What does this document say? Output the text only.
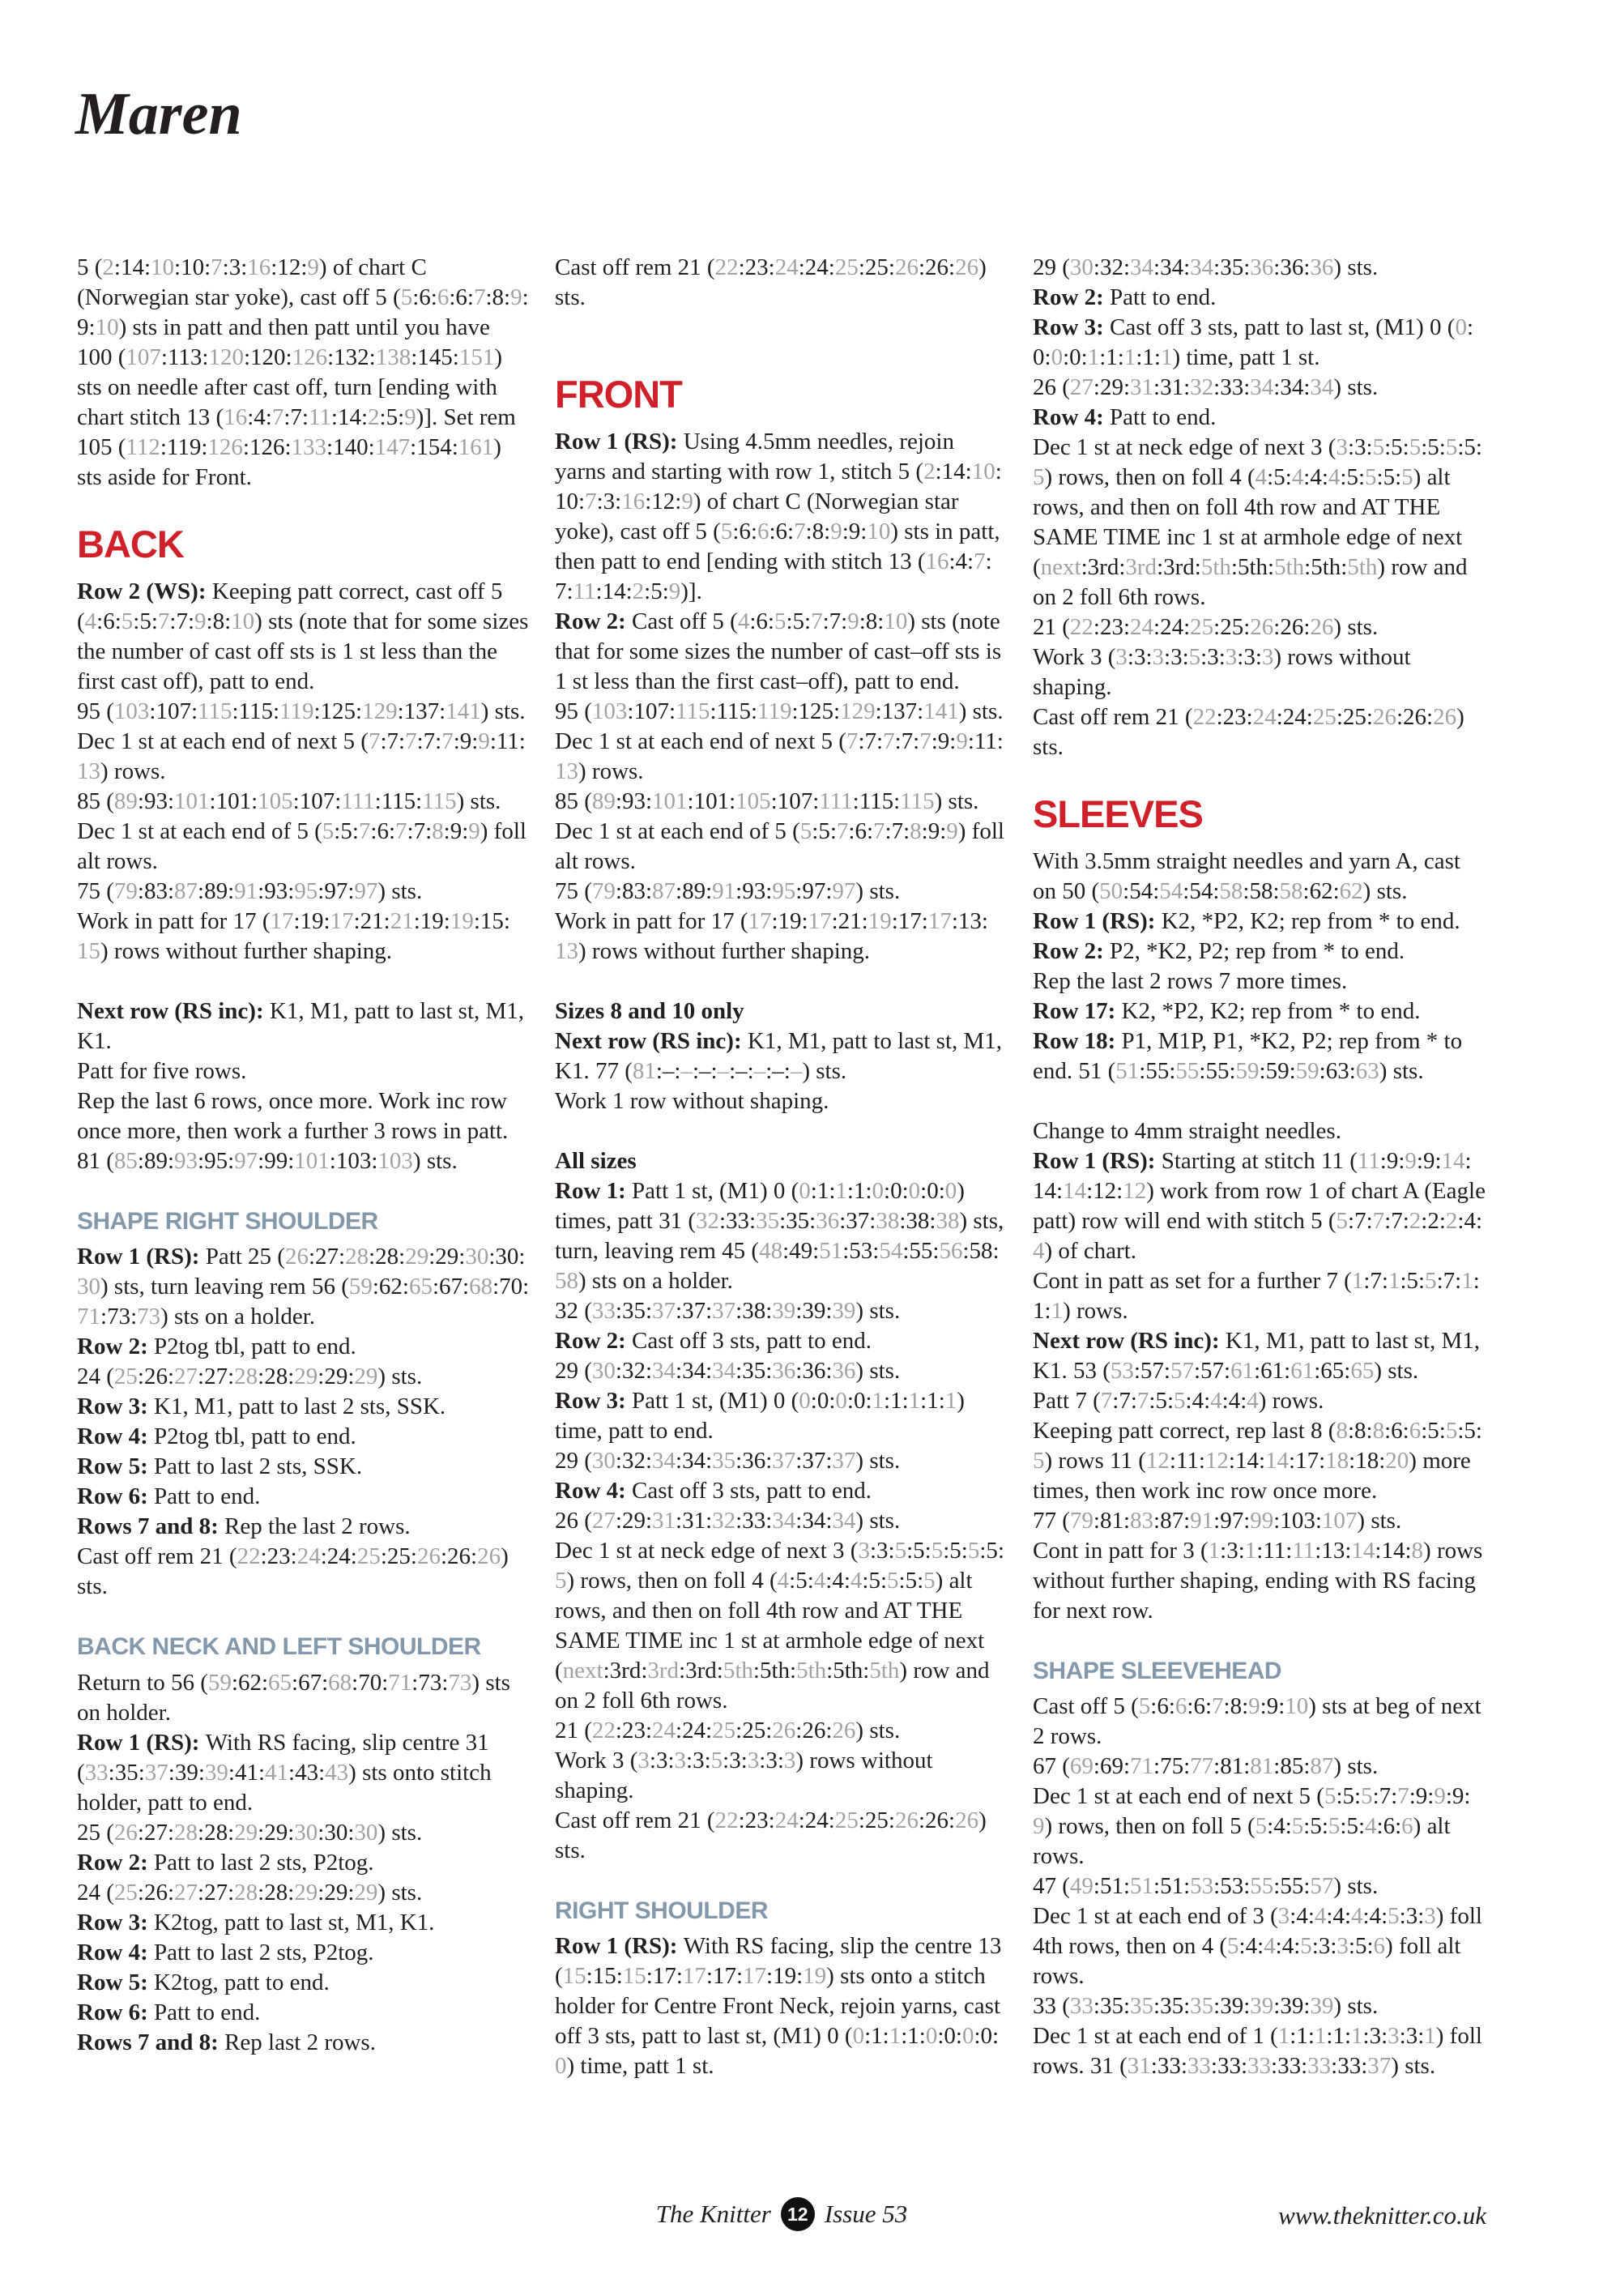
Maren

5 (2:14:10:10:7:3:16:12:9) of chart C (Norwegian star yoke), cast off 5 (5:6:6:6:7:8:9:9:10) sts in patt and then patt until you have 100 (107:113:120:120:126:132:138:145:151) sts on needle after cast off, turn [ending with chart stitch 13 (16:4:7:7:11:14:2:5:9)]. Set rem 105 (112:119:126:126:133:140:147:154:161) sts aside for Front.

BACK

Row 2 (WS): Keeping patt correct, cast off 5 (4:6:5:5:7:7:9:8:10) sts (note that for some sizes the number of cast off sts is 1 st less than the first cast off), patt to end.

95 (103:107:115:115:119:125:129:137:141) sts.

Dec 1 st at each end of next 5 (7:7:7:7:7:9:9:11:13) rows.

85 (89:93:101:101:105:107:111:115:115) sts.

Dec 1 st at each end of 5 (5:5:7:6:7:7:8:9:9) foll alt rows.

75 (79:83:87:89:91:93:95:97:97) sts.

Work in patt for 17 (17:19:17:21:21:19:19:15:15) rows without further shaping.

Next row (RS inc): K1, M1, patt to last st, M1, K1.

Patt for five rows.

Rep the last 6 rows, once more. Work inc row once more, then work a further 3 rows in patt.

81 (85:89:93:95:97:99:101:103:103) sts.

SHAPE RIGHT SHOULDER

Row 1 (RS): Patt 25 (26:27:28:28:29:29:30:30:30) sts, turn leaving rem 56 (59:62:65:67:68:70:71:73:73) sts on a holder.

Row 2: P2tog tbl, patt to end.

24 (25:26:27:27:28:28:29:29:29) sts.

Row 3: K1, M1, patt to last 2 sts, SSK.

Row 4: P2tog tbl, patt to end.

Row 5: Patt to last 2 sts, SSK.

Row 6: Patt to end.

Rows 7 and 8: Rep the last 2 rows.

Cast off rem 21 (22:23:24:24:25:25:26:26:26) sts.

BACK NECK AND LEFT SHOULDER

Return to 56 (59:62:65:67:68:70:71:73:73) sts on holder.

Row 1 (RS): With RS facing, slip centre 31 (33:35:37:39:39:41:41:43:43) sts onto stitch holder, patt to end.

25 (26:27:28:28:29:29:30:30:30) sts.

Row 2: Patt to last 2 sts, P2tog.

24 (25:26:27:27:28:28:29:29:29) sts.

Row 3: K2tog, patt to last st, M1, K1.

Row 4: Patt to last 2 sts, P2tog.

Row 5: K2tog, patt to end.

Row 6: Patt to end.

Rows 7 and 8: Rep last 2 rows.

Cast off rem 21 (22:23:24:24:25:25:26:26:26) sts.

FRONT

Row 1 (RS): Using 4.5mm needles, rejoin yarns and starting with row 1, stitch 5 (2:14:10:10:7:3:16:12:9) of chart C (Norwegian star yoke), cast off 5 (5:6:6:6:7:8:9:9:10) sts in patt, then patt to end [ending with stitch 13 (16:4:7:7:11:14:2:5:9)].

Row 2: Cast off 5 (4:6:5:5:7:7:9:8:10) sts (note that for some sizes the number of cast–off sts is 1 st less than the first cast–off), patt to end.

95 (103:107:115:115:119:125:129:137:141) sts.

Dec 1 st at each end of next 5 (7:7:7:7:7:9:9:11:13) rows.

85 (89:93:101:101:105:107:111:115:115) sts.

Dec 1 st at each end of 5 (5:5:7:6:7:7:8:9:9) foll alt rows.

75 (79:83:87:89:91:93:95:97:97) sts.

Work in patt for 17 (17:19:17:21:19:17:17:13:13) rows without further shaping.

Sizes 8 and 10 only

Next row (RS inc): K1, M1, patt to last st, M1, K1. 77 (81:–:–:–:–:–:–:–:–) sts.

Work 1 row without shaping.

All sizes

Row 1: Patt 1 st, (M1) 0 (0:1:1:1:0:0:0:0:0) times, patt 31 (32:33:35:35:36:37:38:38:38) sts, turn, leaving rem 45 (48:49:51:53:54:55:56:58:58) sts on a holder.

32 (33:35:37:37:37:38:39:39:39) sts.

Row 2: Cast off 3 sts, patt to end.

29 (30:32:34:34:34:35:36:36:36) sts.

Row 3: Patt 1 st, (M1) 0 (0:0:0:0:1:1:1:1:1) time, patt to end.

29 (30:32:34:34:35:36:37:37:37) sts.

Row 4: Cast off 3 sts, patt to end.

26 (27:29:31:31:32:33:34:34:34) sts.

Dec 1 st at neck edge of next 3 (3:3:5:5:5:5:5:5:5) rows, then on foll 4 (4:5:4:4:4:5:5:5:5) alt rows, and then on foll 4th row and AT THE SAME TIME inc 1 st at armhole edge of next (next:3rd:3rd:3rd:5th:5th:5th:5th:5th) row and on 2 foll 6th rows.

21 (22:23:24:24:25:25:26:26:26) sts.

Work 3 (3:3:3:3:5:3:3:3:3) rows without shaping.

Cast off rem 21 (22:23:24:24:25:25:26:26:26) sts.

RIGHT SHOULDER

Row 1 (RS): With RS facing, slip the centre 13 (15:15:15:17:17:17:17:19:19) sts onto a stitch holder for Centre Front Neck, rejoin yarns, cast off 3 sts, patt to last st, (M1) 0 (0:1:1:1:0:0:0:0:0) time, patt 1 st.

29 (30:32:34:34:34:35:36:36:36) sts.

Row 2: Patt to end.

Row 3: Cast off 3 sts, patt to last st, (M1) 0 (0:0:0:0:1:1:1:1:1) time, patt 1 st.

26 (27:29:31:31:32:33:34:34:34) sts.

Row 4: Patt to end.

Dec 1 st at neck edge of next 3 (3:3:5:5:5:5:5:5:5) rows, then on foll 4 (4:5:4:4:4:5:5:5:5) alt rows, and then on foll 4th row and AT THE SAME TIME inc 1 st at armhole edge of next (next:3rd:3rd:3rd:5th:5th:5th:5th:5th) row and on 2 foll 6th rows.

21 (22:23:24:24:25:25:26:26:26) sts.

Work 3 (3:3:3:3:5:3:3:3:3) rows without shaping.

Cast off rem 21 (22:23:24:24:25:25:26:26:26) sts.

SLEEVES

With 3.5mm straight needles and yarn A, cast on 50 (50:54:54:54:58:58:58:62:62) sts.

Row 1 (RS): K2, *P2, K2; rep from * to end.

Row 2: P2, *K2, P2; rep from * to end.

Rep the last 2 rows 7 more times.

Row 17: K2, *P2, K2; rep from * to end.

Row 18: P1, M1P, P1, *K2, P2; rep from * to end. 51 (51:55:55:55:59:59:59:63:63) sts.

Change to 4mm straight needles.

Row 1 (RS): Starting at stitch 11 (11:9:9:9:14:14:14:12:12) work from row 1 of chart A (Eagle patt) row will end with stitch 5 (5:7:7:7:2:2:2:4:4) of chart.

Cont in patt as set for a further 7 (1:7:1:5:5:7:1:1:1) rows.

Next row (RS inc): K1, M1, patt to last st, M1, K1. 53 (53:57:57:57:61:61:61:65:65) sts.

Patt 7 (7:7:7:5:5:4:4:4:4) rows.

Keeping patt correct, rep last 8 (8:8:8:6:6:5:5:5:5) rows 11 (12:11:12:14:14:17:18:18:20) more times, then work inc row once more.

77 (79:81:83:87:91:97:99:103:107) sts.

Cont in patt for 3 (1:3:1:11:11:13:14:14:8) rows without further shaping, ending with RS facing for next row.

SHAPE SLEEVEHEAD

Cast off 5 (5:6:6:6:7:8:9:9:10) sts at beg of next 2 rows.

67 (69:69:71:75:77:81:81:85:87) sts.

Dec 1 st at each end of next 5 (5:5:5:7:7:9:9:9:9) rows, then on foll 5 (5:4:5:5:5:5:4:6:6) alt rows.

47 (49:51:51:51:53:53:55:55:57) sts.

Dec 1 st at each end of 3 (3:4:4:4:4:4:5:3:3) foll 4th rows, then on 4 (5:4:4:4:5:3:3:5:6) foll alt rows.

33 (33:35:35:35:35:39:39:39:39) sts.

Dec 1 st at each end of 1 (1:1:1:1:1:3:3:3:1) foll rows. 31 (31:33:33:33:33:33:33:33:37) sts.

The Knitter 12 Issue 53	www.theknitter.co.uk
